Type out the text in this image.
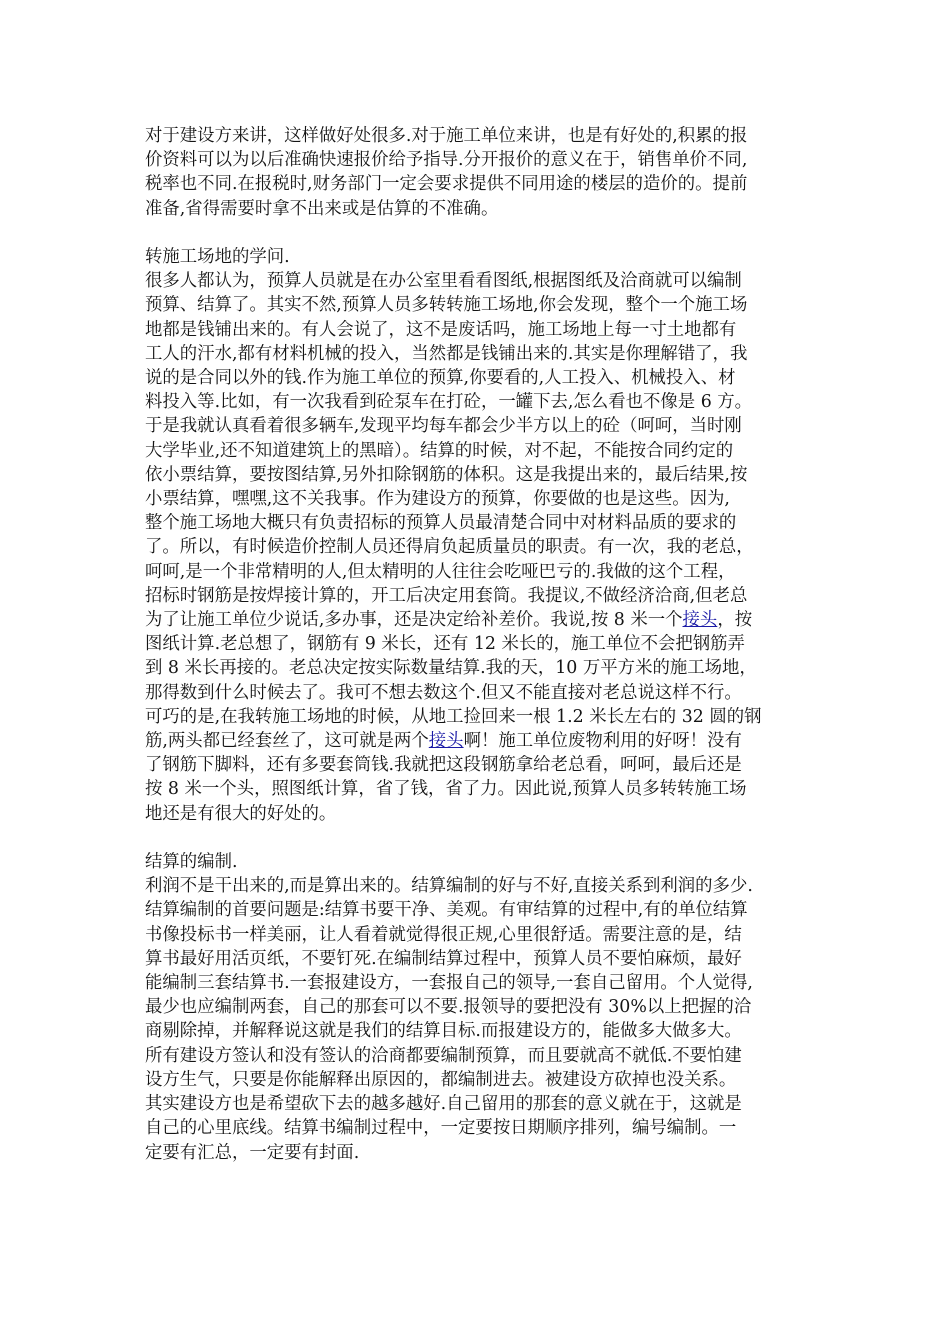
对于建设方来讲，这样做好处很多.对于施工单位来讲，也是有好处的,积累的报
价资料可以为以后准确快速报价给予指导.分开报价的意义在于，销售单价不同,
税率也不同.在报税时,财务部门一定会要求提供不同用途的楼层的造价的。提前
准备,省得需要时拿不出来或是估算的不准确。

转施工场地的学问.
很多人都认为，预算人员就是在办公室里看看图纸,根据图纸及洽商就可以编制
预算、结算了。其实不然,预算人员多转转施工场地,你会发现，整个一个施工场
地都是钱铺出来的。有人会说了，这不是废话吗，施工场地上每一寸土地都有
工人的汗水,都有材料机械的投入，当然都是钱铺出来的.其实是你理解错了，我
说的是合同以外的钱.作为施工单位的预算,你要看的,人工投入、机械投入、材
料投入等.比如，有一次我看到砼泵车在打砼，一罐下去,怎么看也不像是 6 方。
于是我就认真看着很多辆车,发现平均每车都会少半方以上的砼（呵呵，当时刚
大学毕业,还不知道建筑上的黑暗）。结算的时候，对不起，不能按合同约定的
依小票结算，要按图结算,另外扣除钢筋的体积。这是我提出来的，最后结果,按
小票结算，嘿嘿,这不关我事。作为建设方的预算，你要做的也是这些。因为,
整个施工场地大概只有负责招标的预算人员最清楚合同中对材料品质的要求的
了。所以，有时候造价控制人员还得肩负起质量员的职责。有一次，我的老总，
呵呵,是一个非常精明的人,但太精明的人往往会吃哑巴亏的.我做的这个工程，
招标时钢筋是按焊接计算的，开工后决定用套筒。我提议,不做经济洽商,但老总
为了让施工单位少说话,多办事，还是决定给补差价。我说,按 8 米一个接头，按
图纸计算.老总想了，钢筋有 9 米长，还有 12 米长的，施工单位不会把钢筋弄
到 8 米长再接的。老总决定按实际数量结算.我的天，10 万平方米的施工场地，
那得数到什么时候去了。我可不想去数这个.但又不能直接对老总说这样不行。
可巧的是,在我转施工场地的时候，从地工捡回来一根 1.2 米长左右的 32 圆的钢
筋,两头都已经套丝了，这可就是两个接头啊！施工单位废物利用的好呀！没有
了钢筋下脚料，还有多要套筒钱.我就把这段钢筋拿给老总看，呵呵，最后还是
按 8 米一个头，照图纸计算，省了钱，省了力。因此说,预算人员多转转施工场
地还是有很大的好处的。
结算的编制.
利润不是干出来的,而是算出来的。结算编制的好与不好,直接关系到利润的多少.
结算编制的首要问题是:结算书要干净、美观。有审结算的过程中,有的单位结算
书像投标书一样美丽，让人看着就觉得很正规,心里很舒适。需要注意的是，结
算书最好用活页纸，不要钉死.在编制结算过程中，预算人员不要怕麻烦，最好
能编制三套结算书.一套报建设方，一套报自己的领导,一套自己留用。个人觉得,
最少也应编制两套，自己的那套可以不要.报领导的要把没有 30%以上把握的洽
商剔除掉，并解释说这就是我们的结算目标.而报建设方的，能做多大做多大。
所有建设方签认和没有签认的洽商都要编制预算，而且要就高不就低.不要怕建
设方生气，只要是你能解释出原因的，都编制进去。被建设方砍掉也没关系。
其实建设方也是希望砍下去的越多越好.自己留用的那套的意义就在于，这就是
自己的心里底线。结算书编制过程中，一定要按日期顺序排列，编号编制。一
定要有汇总，一定要有封面.
